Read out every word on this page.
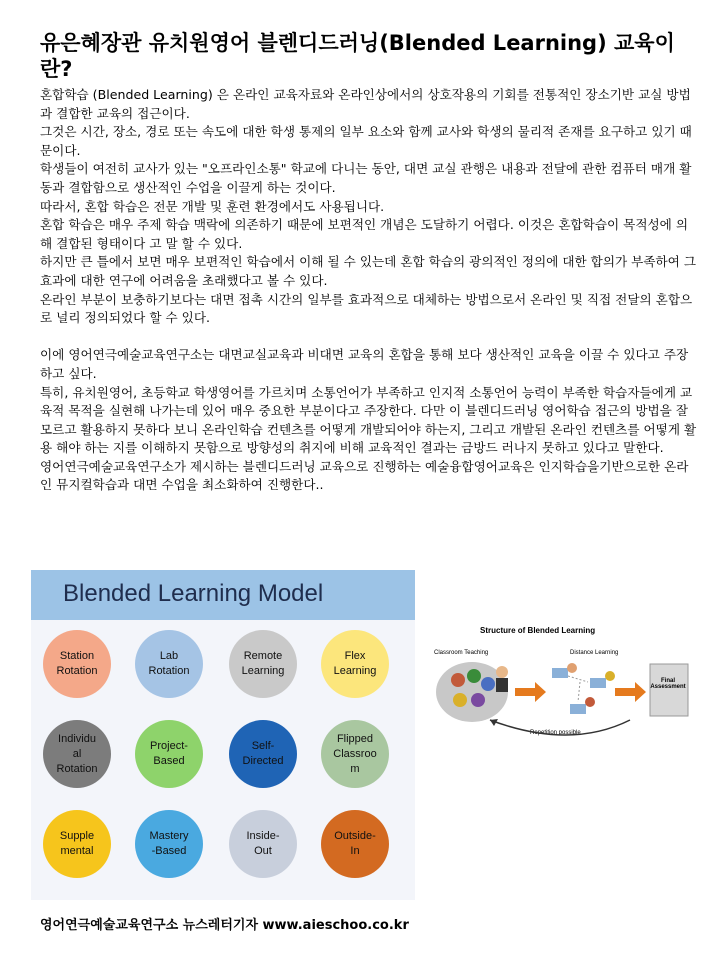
유은혜장관 유치원영어 블렌디드러닝(Blended Learning) 교육이란?

혼합학습 (Blended Learning) 은 온라인 교육자료와 온라인상에서의 상호작용의 기회를 전통적인 장소기반 교실 방법과 결합한 교육의 접근이다.

그것은 시간, 장소, 경로 또는 속도에 대한 학생 통제의 일부 요소와 함께 교사와 학생의 물리적 존재를 요구하고 있기 때문이다.

학생들이 여전히 교사가 있는 "오프라인소통" 학교에 다니는 동안, 대면 교실 관행은 내용과 전달에 관한 컴퓨터 매개 활동과 결합함으로 생산적인 수업을 이끌게 하는 것이다.

따라서, 혼합 학습은 전문 개발 및 훈련 환경에서도 사용됩니다.

혼합 학습은 매우 주제 학습 맥락에 의존하기 때문에 보편적인 개념은 도달하기 어렵다. 이것은 혼합학습이 목적성에 의해 결합된 형태이다 고 말 할 수 있다.

하지만 큰 틀에서 보면 매우 보편적인 학습에서 이해 될 수 있는데 혼합 학습의 광의적인 정의에 대한 합의가 부족하여 그 효과에 대한 연구에 어려움을 초래했다고 볼 수 있다.

온라인 부분이 보충하기보다는 대면 접촉 시간의 일부를 효과적으로 대체하는 방법으로서 온라인 및 직접 전달의 혼합으로 널리 정의되었다 할 수 있다.

이에 영어연극예술교육연구소는 대면교실교육과 비대면 교육의 혼합을 통해 보다 생산적인 교육을 이끌 수 있다고 주장하고 싶다.

특히, 유치원영어, 초등학교 학생영어를 가르치며 소통언어가 부족하고 인지적 소통언어 능력이 부족한 학습자들에게 교육적 목적을 실현해 나가는데 있어 매우 중요한 부분이다고 주장한다. 다만 이 블렌디드러닝 영어학습 접근의 방법을 잘 모르고 활용하지 못하다 보니 온라인학습 컨텐츠를 어떻게 개발되어야 하는지, 그리고 개발된 온라인 컨텐츠를 어떻게 활용 해야 하는 지를 이해하지 못함으로 방향성의 취지에 비해 교육적인 결과는 금방드 러나지 못하고 있다고 말한다.

영어연극예술교육연구소가 제시하는 블렌디드러닝 교육으로 진행하는 예술융합영어교육은 인지학습을기반으로한 온라인 뮤지컬학습과 대면 수업을 최소화하여 진행한다..

Blended Learning Model
Station
Rotation
Lab
Rotation
Remote
Learning
Flex
Learning
Individu
al
Rotation
Project-
Based
Self-
Directed
Flipped
Classroo
m
Supple
mental
Mastery
-Based
Inside-
Out
Outside-
In
Structure of Blended Learning
Classroom Teaching	Distance Learning
Repetition possible
Final
Assessment
영어연극예술교육연구소 뉴스레터기자 www.aieschoo.co.kr
